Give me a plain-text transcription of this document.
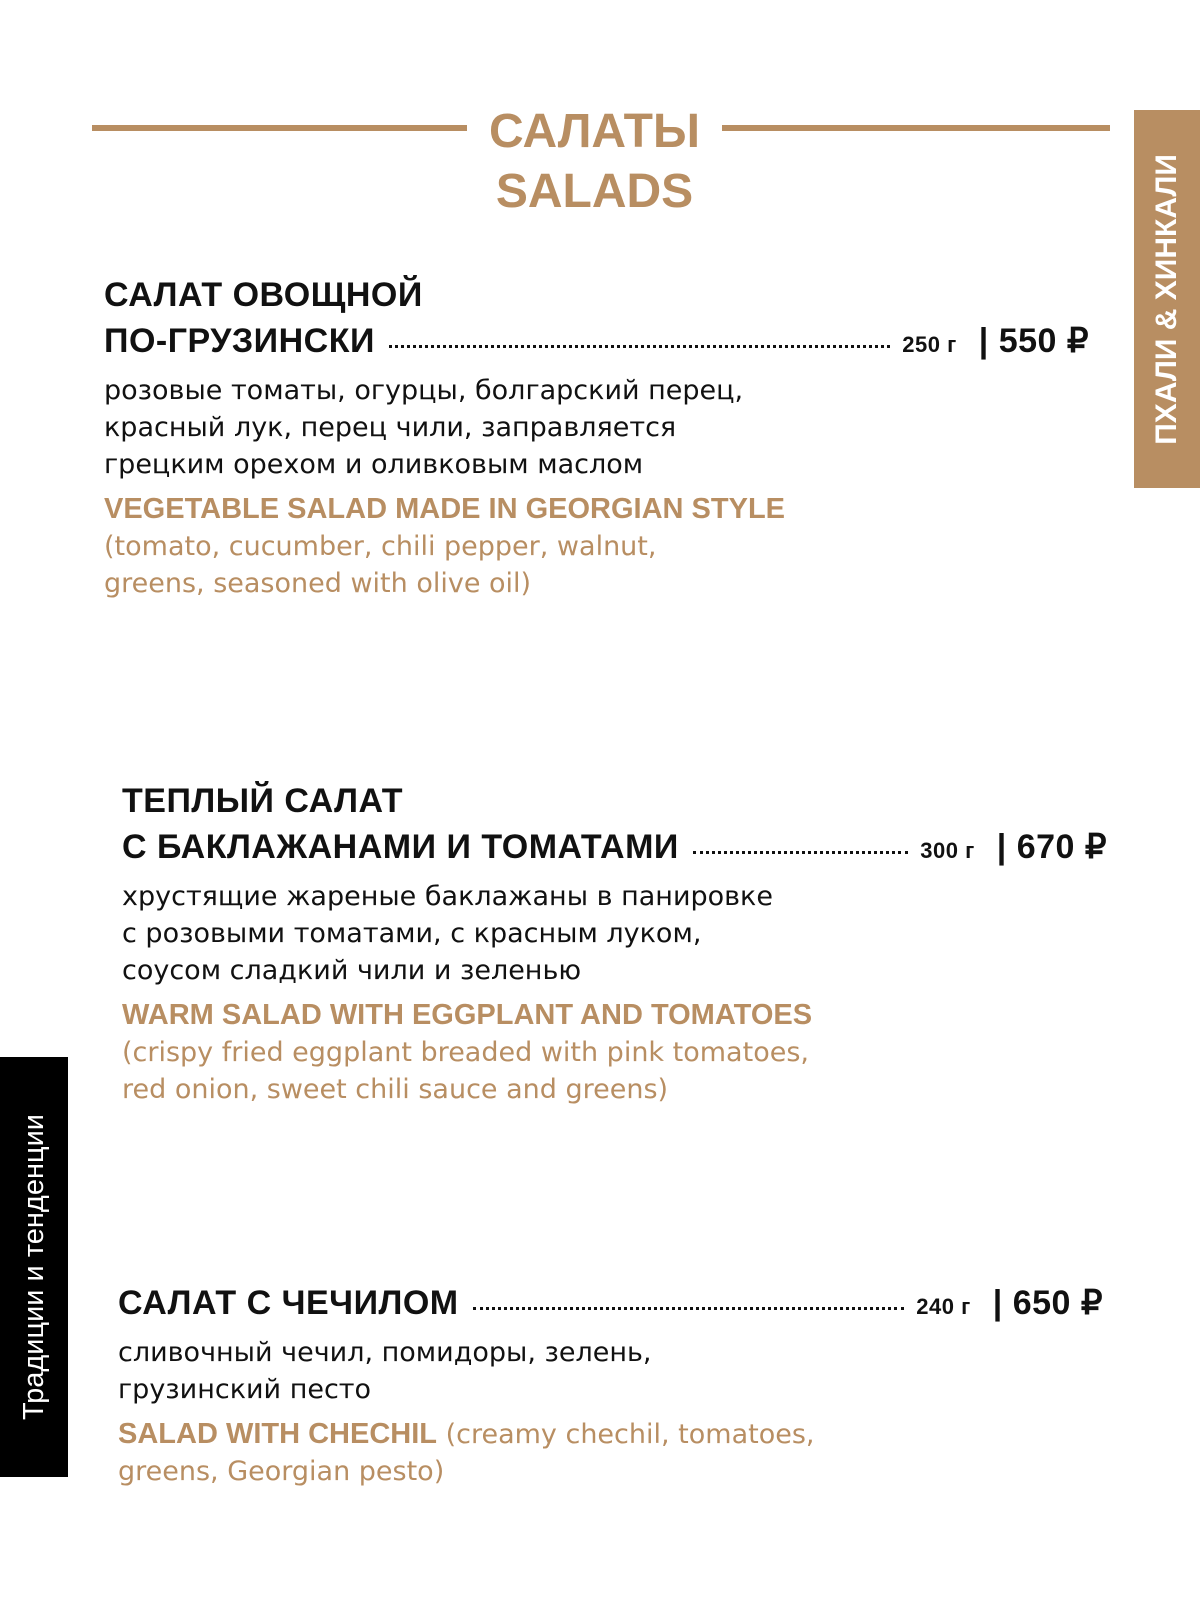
САЛАТЫ
SALADS	ПХАЛИ & ХИНКАЛИ
Традиции и тенденции
САЛАТ ОВОЩНОЙ
ПО-ГРУЗИНСКИ	250 г | 550 ₽
розовые томаты, огурцы, болгарский перец,
красный лук, перец чили, заправляется
грецким орехом и оливковым маслом
VEGETABLE SALAD MADE IN GEORGIAN STYLE
(tomato, cucumber, chili pepper, walnut,
greens, seasoned with olive oil)
ТЕПЛЫЙ САЛАТ
С БАКЛАЖАНАМИ И ТОМАТАМИ	300 г | 670 ₽
хрустящие жареные баклажаны в панировке
с розовыми томатами, с красным луком,
соусом сладкий чили и зеленью
WARM SALAD WITH EGGPLANT AND TOMATOES
(crispy fried eggplant breaded with pink tomatoes,
red onion, sweet chili sauce and greens)
САЛАТ С ЧЕЧИЛОМ	240 г | 650 ₽
сливочный чечил, помидоры, зелень,
грузинский песто
SALAD WITH CHECHIL (creamy chechil, tomatoes,
greens, Georgian pesto)
